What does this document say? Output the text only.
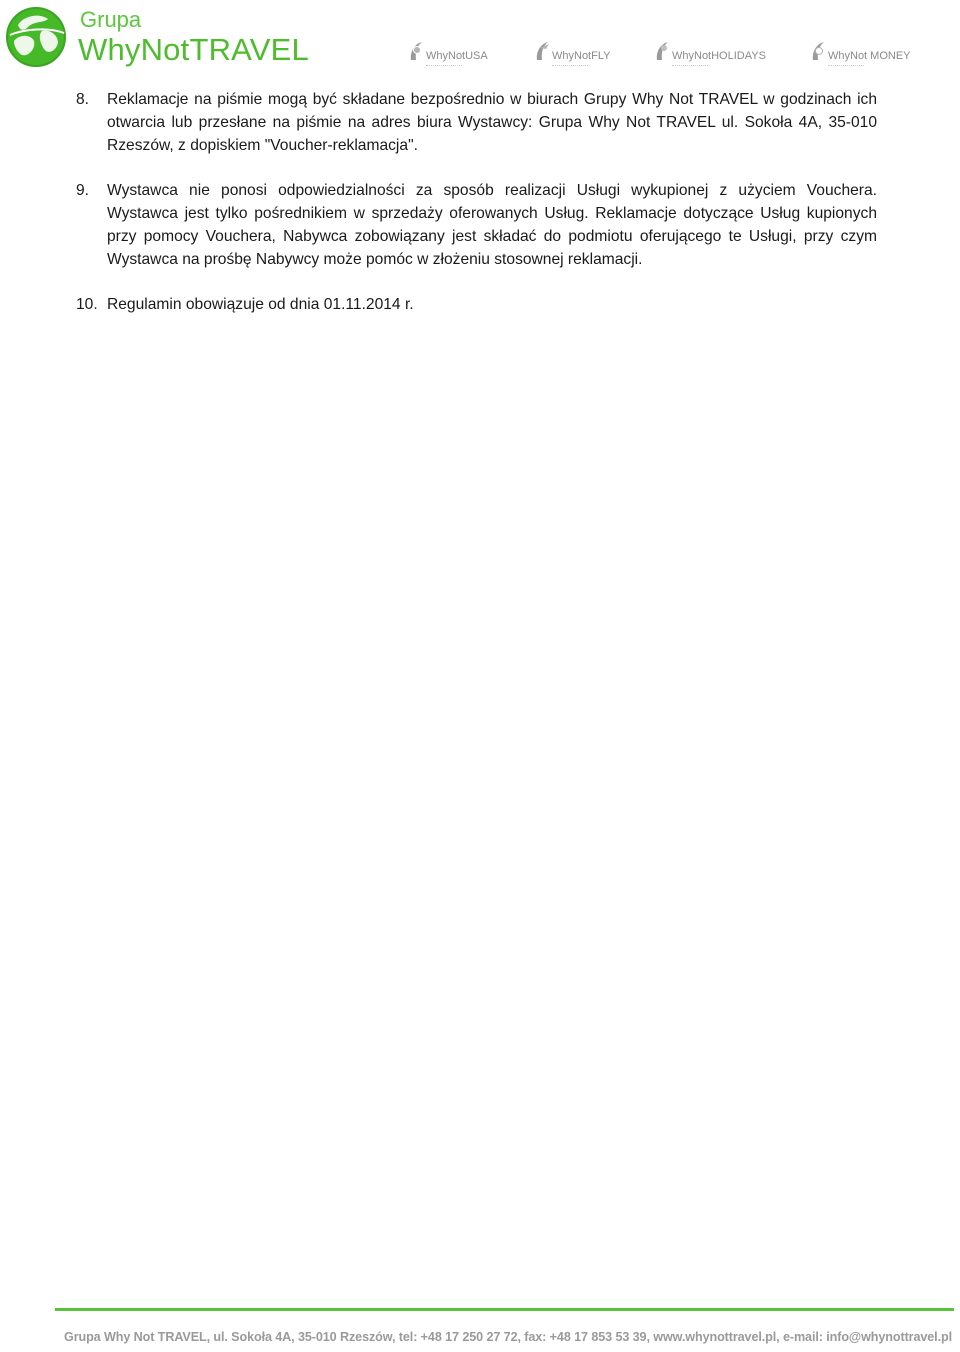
Grupa
WhyNotTRAVEL	WhyNotUSA	WhyNotFLY	WhyNotHOLIDAYS	WhyNot MONEY
8. Reklamacje na piśmie mogą być składane bezpośrednio w biurach Grupy Why Not TRAVEL w godzinach ich otwarcia lub przesłane na piśmie na adres biura Wystawcy: Grupa Why Not TRAVEL ul. Sokoła 4A, 35-010 Rzeszów, z dopiskiem "Voucher-reklamacja".
9. Wystawca nie ponosi odpowiedzialności za sposób realizacji Usługi wykupionej z użyciem Vouchera. Wystawca jest tylko pośrednikiem w sprzedaży oferowanych Usług. Reklamacje dotyczące Usług kupionych przy pomocy Vouchera, Nabywca zobowiązany jest składać do podmiotu oferującego te Usługi, przy czym Wystawca na prośbę Nabywcy może pomóc w złożeniu stosownej reklamacji.
10. Regulamin obowiązuje od dnia 01.11.2014 r.
Grupa Why Not TRAVEL, ul. Sokoła 4A, 35-010 Rzeszów, tel: +48 17 250 27 72, fax: +48 17 853 53 39, www.whynottravel.pl, e-mail: info@whynottravel.pl
